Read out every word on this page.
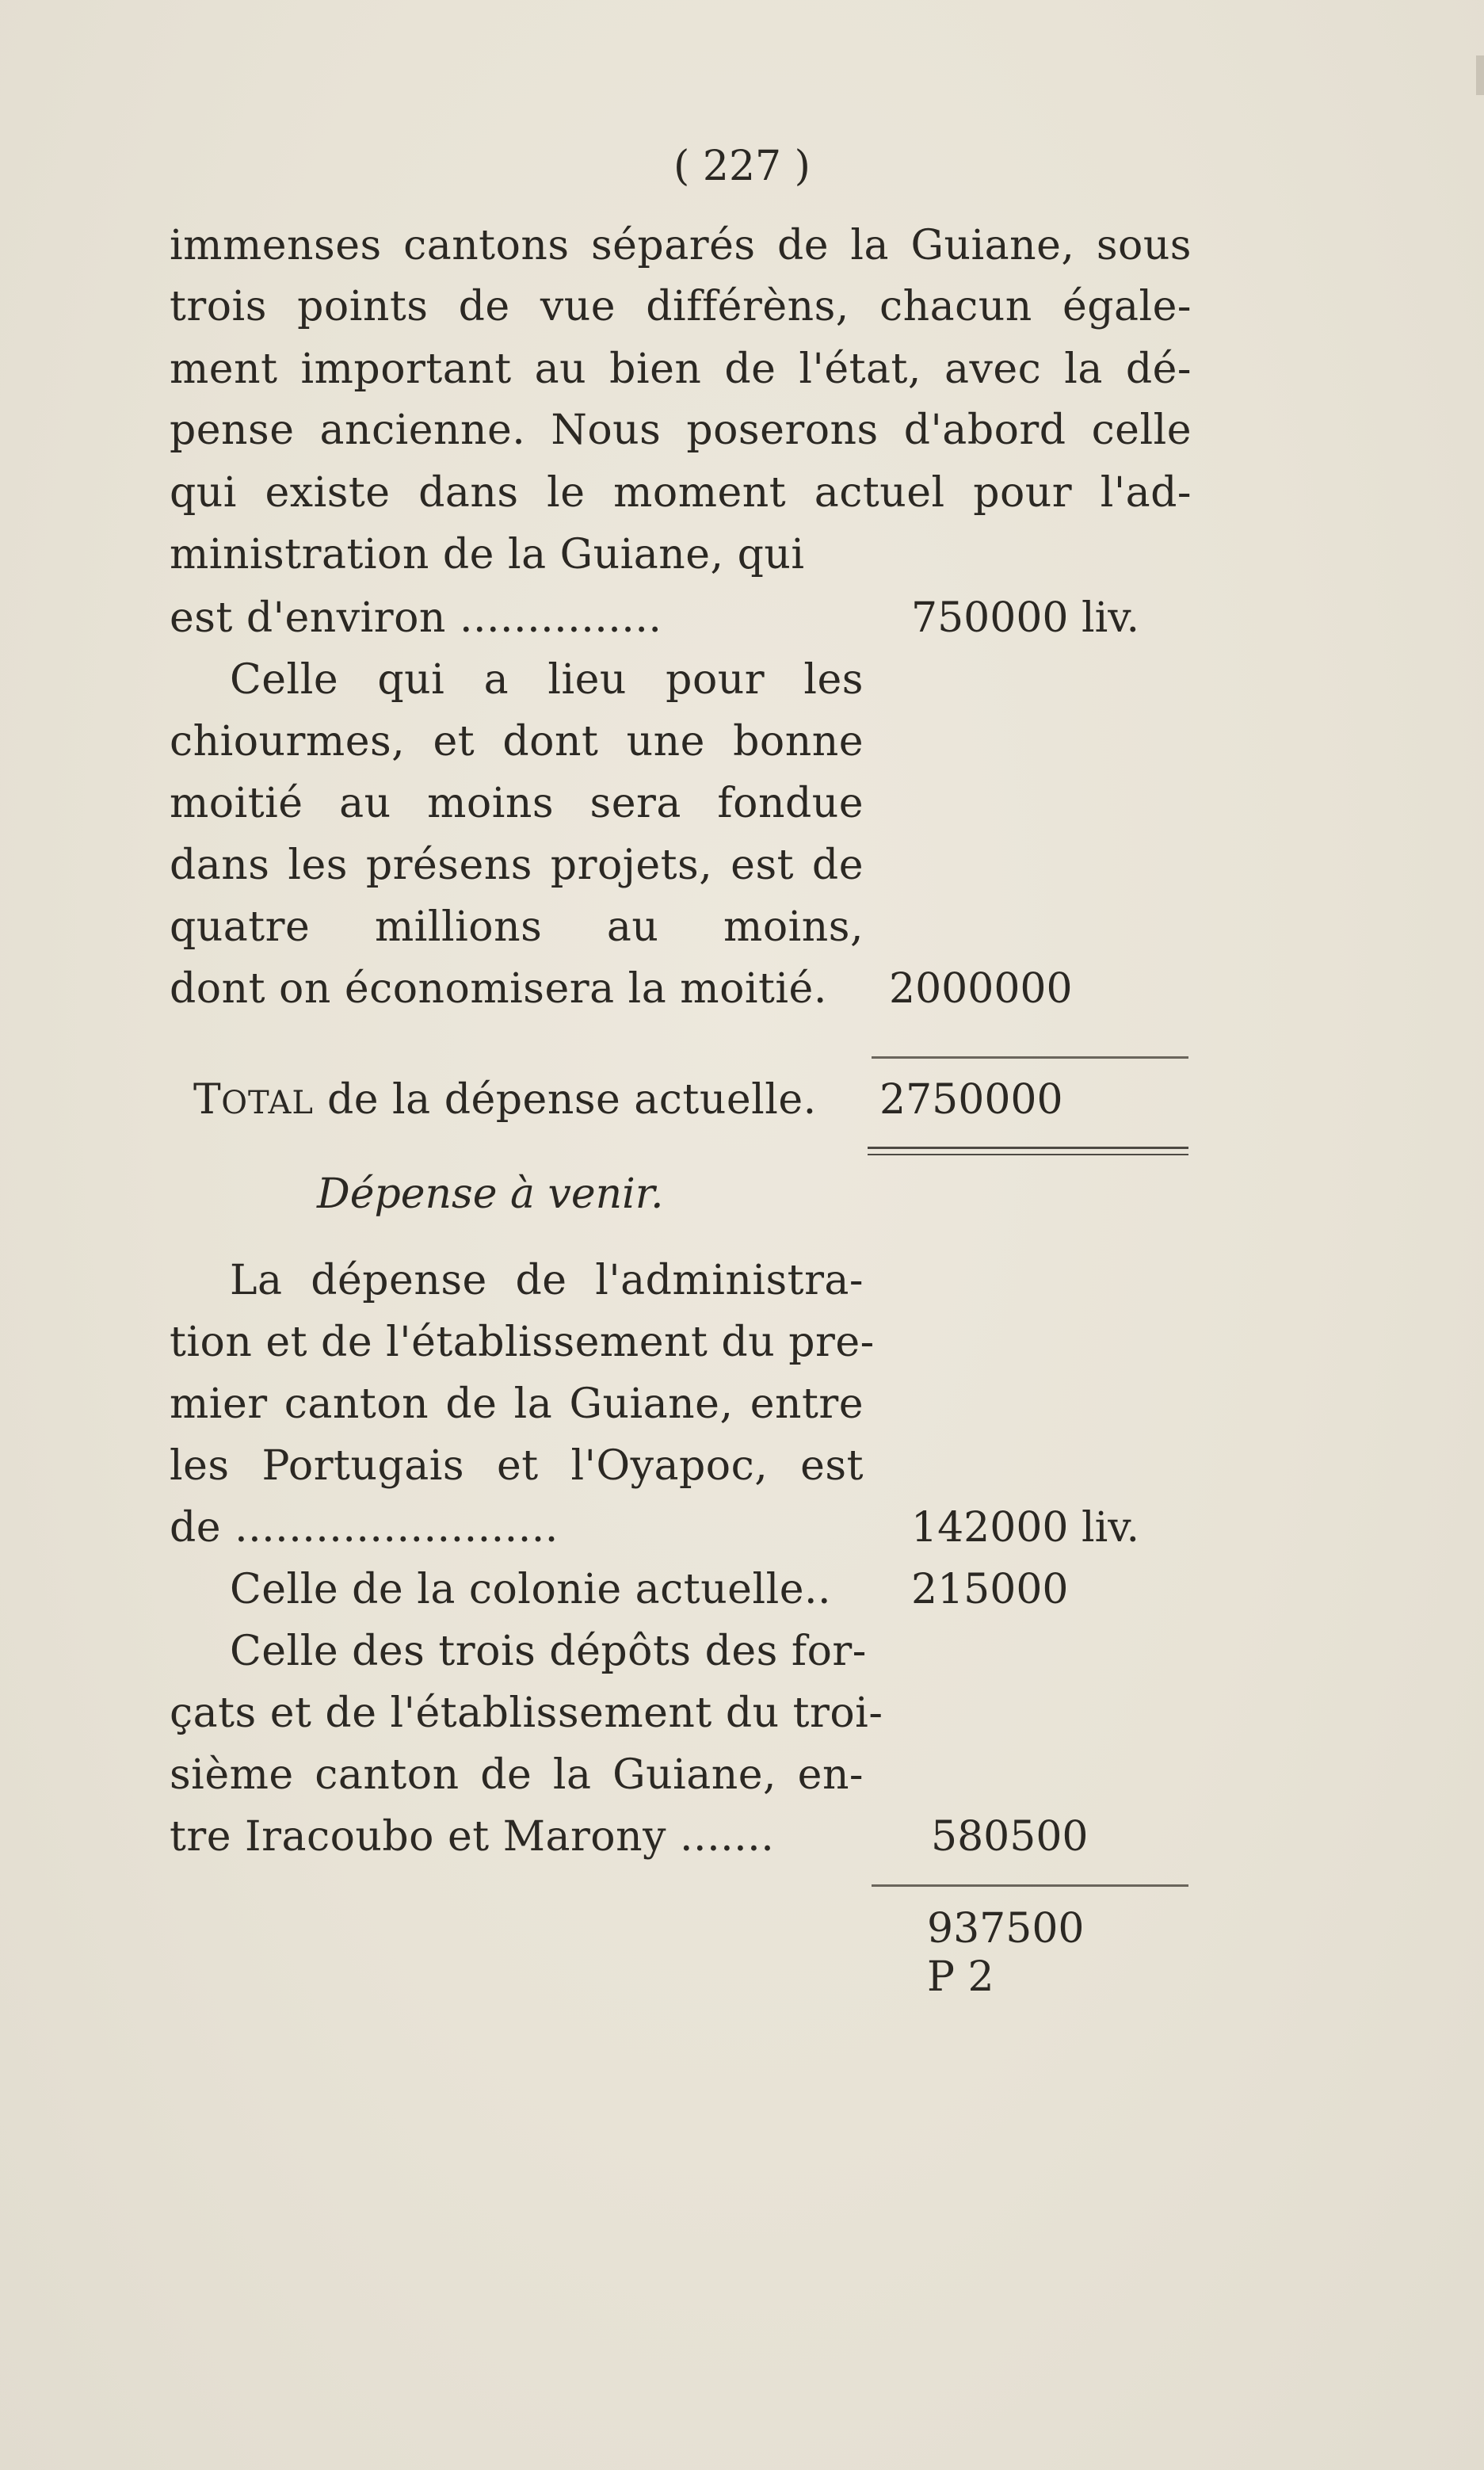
( 227 )
immenses cantons séparés de la Guiane, sous
trois points de vue différèns, chacun égale-
ment important au bien de l'état, avec la dé-
pense ancienne. Nous poserons d'abord celle
qui existe dans le moment actuel pour l'ad-
ministration de la Guiane, qui
est d'environ ...............	750000 liv.
Celle qui a lieu pour les
chiourmes, et dont une bonne
moitié au moins sera fondue
dans les présens projets, est de
quatre millions au moins,
dont on économisera la moitié. 2000000
TOTAL de la dépense actuelle. 2750000
Dépense à venir.
La dépense de l'administra-
tion et de l'établissement du pre-
mier canton de la Guiane, entre
les Portugais et l'Oyapoc, est
de ........................	142000 liv.
Celle de la colonie actuelle.. 215000
Celle des trois dépôts des for-
çats et de l'établissement du troi-
sième canton de la Guiane, en-
tre Iracoubo et Marony .......	580500
937500
P 2
